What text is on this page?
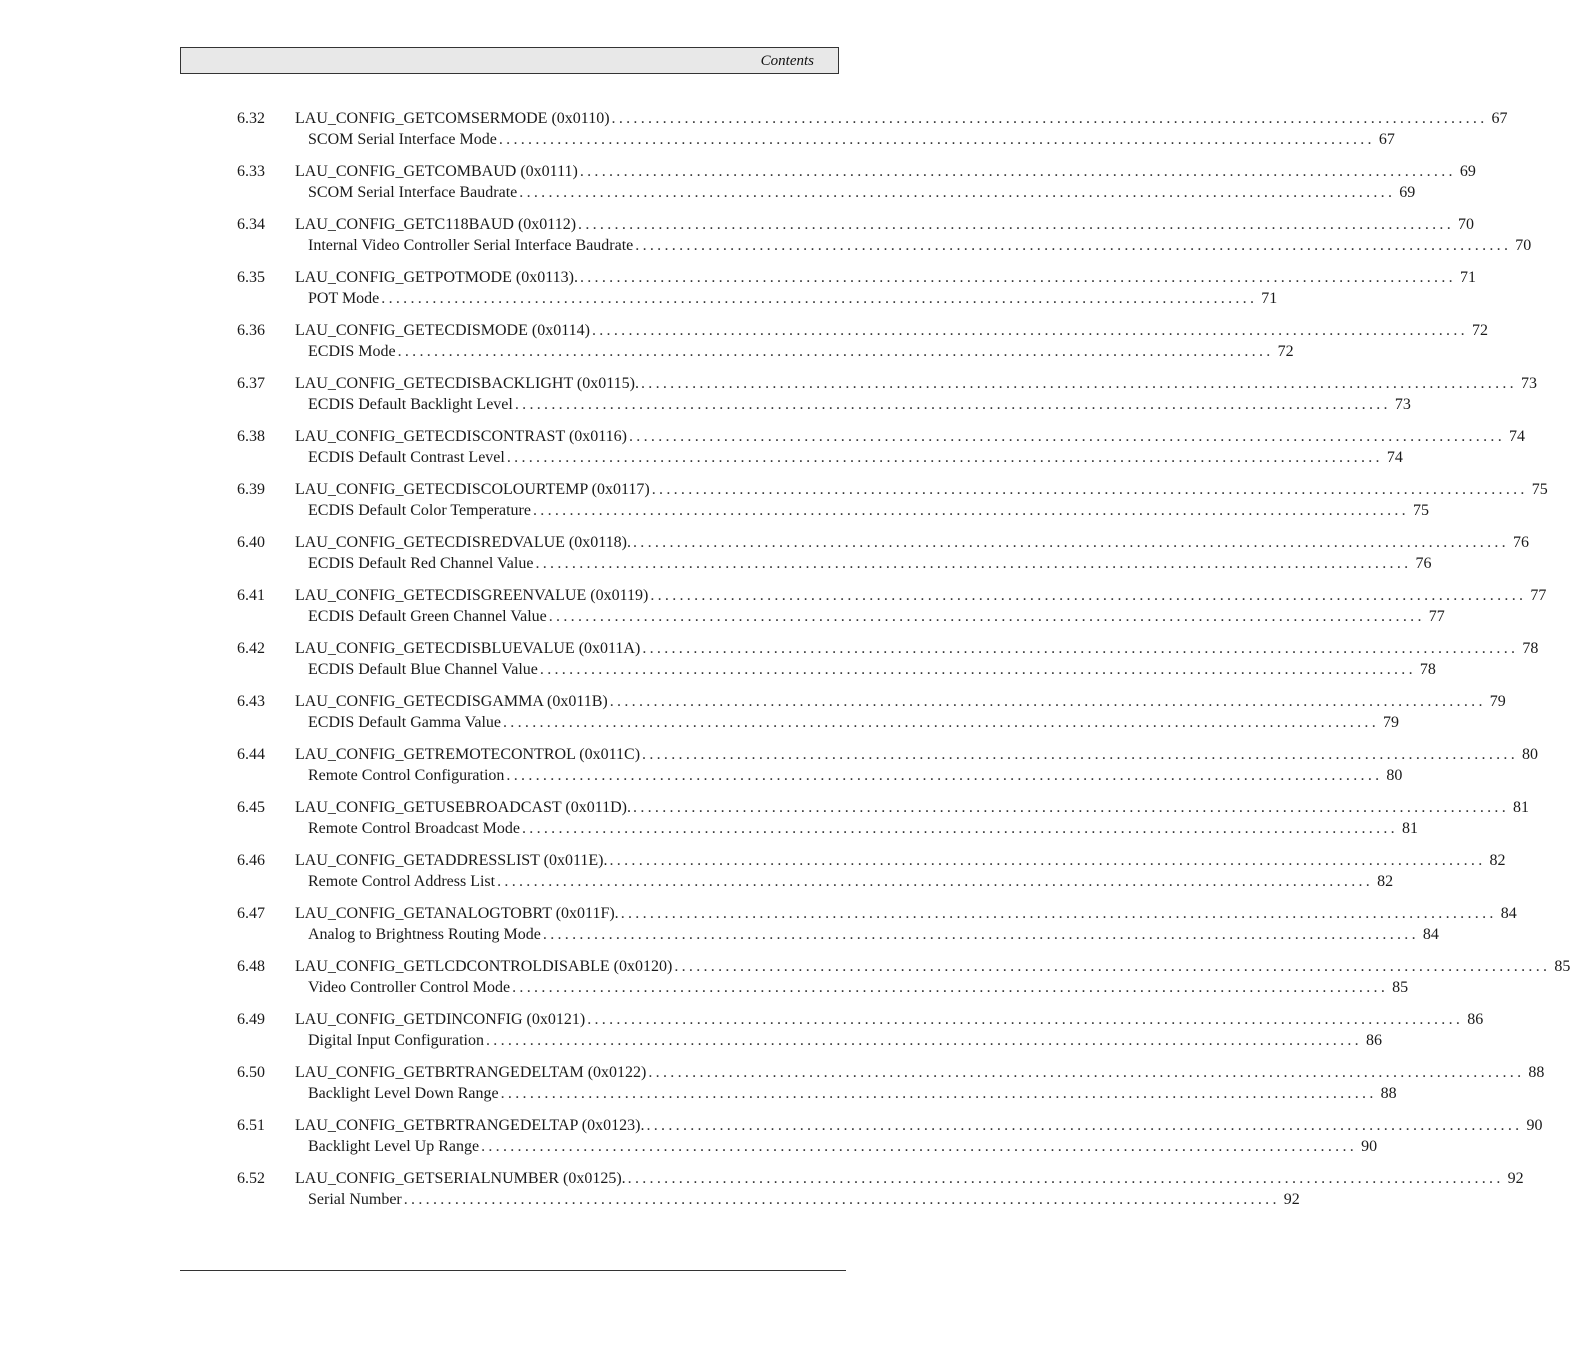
Contents
6.32	LAU_CONFIG_GETCOMSERMODE (0x0110) ........................................................................................................................ 67
SCOM Serial Interface Mode ........................................................................................................................ 67
6.33	LAU_CONFIG_GETCOMBAUD (0x0111) ........................................................................................................................ 69
SCOM Serial Interface Baudrate ........................................................................................................................ 69
6.34	LAU_CONFIG_GETC118BAUD (0x0112) ........................................................................................................................ 70
Internal Video Controller Serial Interface Baudrate ........................................................................................................................ 70
6.35	LAU_CONFIG_GETPOTMODE (0x0113). ........................................................................................................................ 71
POT Mode ........................................................................................................................ 71
6.36	LAU_CONFIG_GETECDISMODE (0x0114) ........................................................................................................................ 72
ECDIS Mode ........................................................................................................................ 72
6.37	LAU_CONFIG_GETECDISBACKLIGHT (0x0115). ........................................................................................................................ 73
ECDIS Default Backlight Level ........................................................................................................................ 73
6.38	LAU_CONFIG_GETECDISCONTRAST (0x0116) ........................................................................................................................ 74
ECDIS Default Contrast Level ........................................................................................................................ 74
6.39	LAU_CONFIG_GETECDISCOLOURTEMP (0x0117) ........................................................................................................................ 75
ECDIS Default Color Temperature ........................................................................................................................ 75
6.40	LAU_CONFIG_GETECDISREDVALUE (0x0118). ........................................................................................................................ 76
ECDIS Default Red Channel Value ........................................................................................................................ 76
6.41	LAU_CONFIG_GETECDISGREENVALUE (0x0119) ........................................................................................................................ 77
ECDIS Default Green Channel Value ........................................................................................................................ 77
6.42	LAU_CONFIG_GETECDISBLUEVALUE (0x011A) ........................................................................................................................ 78
ECDIS Default Blue Channel Value ........................................................................................................................ 78
6.43	LAU_CONFIG_GETECDISGAMMA (0x011B) ........................................................................................................................ 79
ECDIS Default Gamma Value ........................................................................................................................ 79
6.44	LAU_CONFIG_GETREMOTECONTROL (0x011C) ........................................................................................................................ 80
Remote Control Configuration ........................................................................................................................ 80
6.45	LAU_CONFIG_GETUSEBROADCAST (0x011D). ........................................................................................................................ 81
Remote Control Broadcast Mode ........................................................................................................................ 81
6.46	LAU_CONFIG_GETADDRESSLIST (0x011E). ........................................................................................................................ 82
Remote Control Address List ........................................................................................................................ 82
6.47	LAU_CONFIG_GETANALOGTOBRT (0x011F). ........................................................................................................................ 84
Analog to Brightness Routing Mode ........................................................................................................................ 84
6.48	LAU_CONFIG_GETLCDCONTROLDISABLE (0x0120) ........................................................................................................................ 85
Video Controller Control Mode ........................................................................................................................ 85
6.49	LAU_CONFIG_GETDINCONFIG (0x0121) ........................................................................................................................ 86
Digital Input Configuration ........................................................................................................................ 86
6.50	LAU_CONFIG_GETBRTRANGEDELTAM (0x0122) ........................................................................................................................ 88
Backlight Level Down Range ........................................................................................................................ 88
6.51	LAU_CONFIG_GETBRTRANGEDELTAP (0x0123). ........................................................................................................................ 90
Backlight Level Up Range ........................................................................................................................ 90
6.52	LAU_CONFIG_GETSERIALNUMBER (0x0125). ........................................................................................................................ 92
Serial Number ........................................................................................................................ 92
